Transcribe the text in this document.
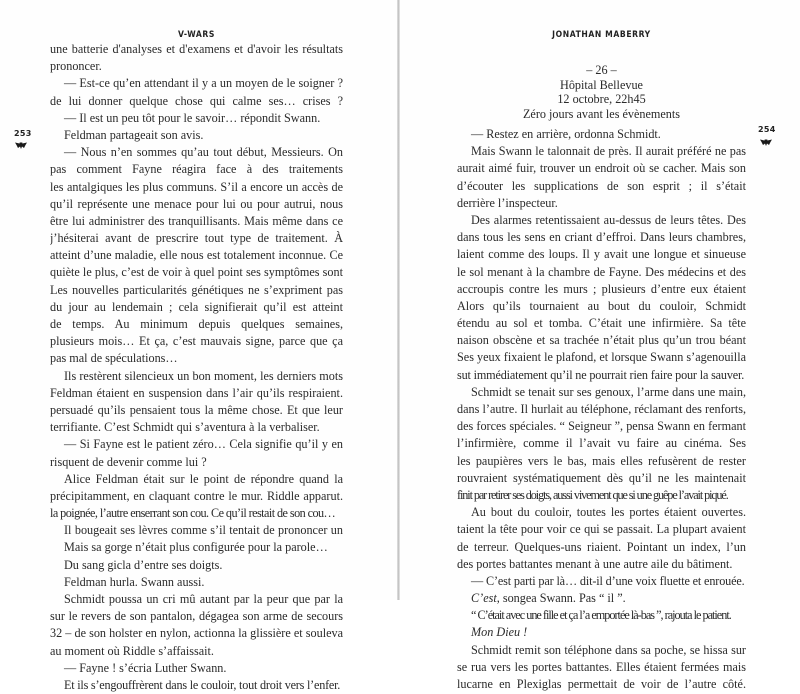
V-WARS
253
une batterie d'analyses et d'examens et d'avoir les résultats
prononcer.
— Est-ce qu’en attendant il y a un moyen de le soigner ?
de lui donner quelque chose qui calme ses… crises ?
— Il est un peu tôt pour le savoir… répondit Swann.
Feldman partageait son avis.
— Nous n’en sommes qu’au tout début, Messieurs. On
pas comment Fayne réagira face à des traitements
les antalgiques les plus communs. S’il a encore un accès de
qu’il représente une menace pour lui ou pour autrui, nous
être lui administrer des tranquillisants. Mais même dans ce
j’hésiterai avant de prescrire tout type de traitement. À
atteint d’une maladie, elle nous est totalement inconnue. Ce
quiète le plus, c’est de voir à quel point ses symptômes sont
Les nouvelles particularités génétiques ne s’expriment pas
du jour au lendemain ; cela signifierait qu’il est atteint
de temps. Au minimum depuis quelques semaines,
plusieurs mois… Et ça, c’est mauvais signe, parce que ça
pas mal de spéculations…
Ils restèrent silencieux un bon moment, les derniers mots
Feldman étaient en suspension dans l’air qu’ils respiraient.
persuadé qu’ils pensaient tous la même chose. Et que leur
terrifiante. C’est Schmidt qui s’aventura à la verbaliser.
— Si Fayne est le patient zéro… Cela signifie qu’il y en
risquent de devenir comme lui ?
Alice Feldman était sur le point de répondre quand la
précipitamment, en claquant contre le mur. Riddle apparut.
la poignée, l’autre enserrant son cou. Ce qu’il restait de son cou…
Il bougeait ses lèvres comme s’il tentait de prononcer un
Mais sa gorge n’était plus configurée pour la parole…
Du sang gicla d’entre ses doigts.
Feldman hurla. Swann aussi.
Schmidt poussa un cri mû autant par la peur que par la
sur le revers de son pantalon, dégagea son arme de secours
32 – de son holster en nylon, actionna la glissière et souleva
au moment où Riddle s’affaissait.
— Fayne ! s’écria Luther Swann.
Et ils s’engouffrèrent dans le couloir, tout droit vers l’enfer.
JONATHAN MABERRY
254
– 26 –
Hôpital Bellevue
12 octobre, 22h45
Zéro jours avant les évènements
— Restez en arrière, ordonna Schmidt.
Mais Swann le talonnait de près. Il aurait préféré ne pas
aurait aimé fuir, trouver un endroit où se cacher. Mais son
d’écouter les supplications de son esprit ; il s’était
derrière l’inspecteur.
Des alarmes retentissaient au-dessus de leurs têtes. Des
dans tous les sens en criant d’effroi. Dans leurs chambres,
laient comme des loups. Il y avait une longue et sinueuse
le sol menant à la chambre de Fayne. Des médecins et des
accroupis contre les murs ; plusieurs d’entre eux étaient
Alors qu’ils tournaient au bout du couloir, Schmidt
étendu au sol et tomba. C’était une infirmière. Sa tête
naison obscène et sa trachée n’était plus qu’un trou béant
Ses yeux fixaient le plafond, et lorsque Swann s’agenouilla
sut immédiatement qu’il ne pourrait rien faire pour la sauver.
Schmidt se tenait sur ses genoux, l’arme dans une main,
dans l’autre. Il hurlait au téléphone, réclamant des renforts,
des forces spéciales. “ Seigneur ”, pensa Swann en fermant
l’infirmière, comme il l’avait vu faire au cinéma. Ses
les paupières vers le bas, mais elles refusèrent de rester
rouvraient systématiquement dès qu’il ne les maintenait
finit par retirer ses doigts, aussi vivement que si une guêpe l’avait piqué.
Au bout du couloir, toutes les portes étaient ouvertes.
taient la tête pour voir ce qui se passait. La plupart avaient
de terreur. Quelques-uns riaient. Pointant un index, l’un
des portes battantes menant à une autre aile du bâtiment.
— C’est parti par là… dit-il d’une voix fluette et enrouée.
C’est, songea Swann. Pas “ il ”.
“ C’était avec une fille et ça l’a emportée là-bas ”, rajouta le patient.
Mon Dieu !
Schmidt remit son téléphone dans sa poche, se hissa sur
se rua vers les portes battantes. Elles étaient fermées mais
lucarne en Plexiglas permettait de voir de l’autre côté.
